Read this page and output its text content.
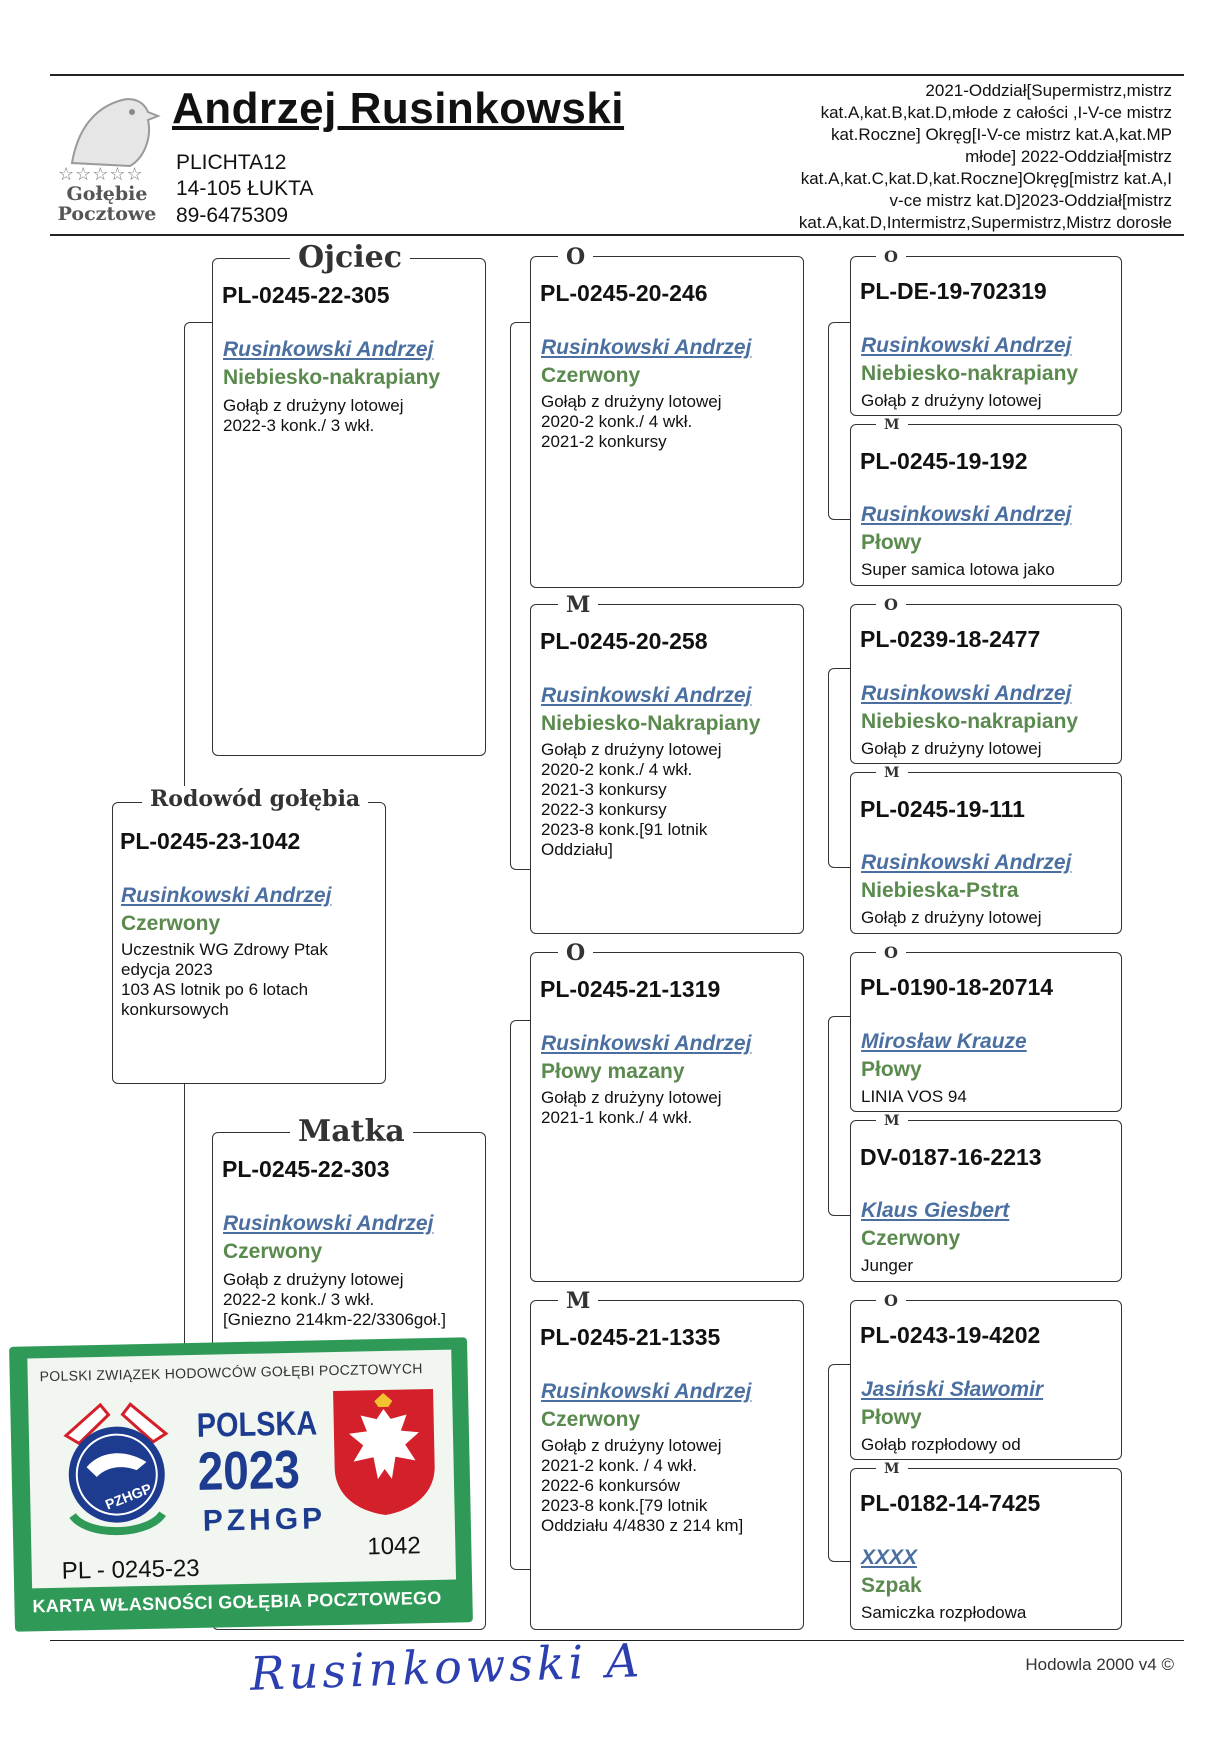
☆☆☆☆☆
Gołębie
Pocztowe
Andrzej Rusinkowski
PLICHTA12
14-105 ŁUKTA
89-6475309
2021-Oddział[Supermistrz,mistrz
kat.A,kat.B,kat.D,młode z całości ,I-V-ce mistrz
kat.Roczne] Okręg[I-V-ce mistrz kat.A,kat.MP
młode] 2022-Oddział[mistrz
kat.A,kat.C,kat.D,kat.Roczne]Okręg[mistrz kat.A,I
v-ce mistrz kat.D]2023-Oddział[mistrz
kat.A,kat.D,Intermistrz,Supermistrz,Mistrz dorosłe
Rodowód gołębia
PL-0245-23-1042
Rusinkowski Andrzej
Czerwony
Uczestnik WG Zdrowy Ptak
edycja 2023
103 AS lotnik po 6 lotach
konkursowych
Ojciec
PL-0245-22-305
Rusinkowski Andrzej
Niebiesko-nakrapiany
Gołąb z drużyny lotowej
2022-3 konk./ 3 wkł.
Matka
PL-0245-22-303
Rusinkowski Andrzej
Czerwony
Gołąb z drużyny lotowej
2022-2 konk./ 3 wkł.
[Gniezno 214km-22/3306goł.]
O
PL-0245-20-246
Rusinkowski Andrzej
Czerwony
Gołąb z drużyny lotowej
2020-2 konk./ 4 wkł.
2021-2 konkursy
M
PL-0245-20-258
Rusinkowski Andrzej
Niebiesko-Nakrapiany
Gołąb z drużyny lotowej
2020-2 konk./ 4 wkł.
2021-3 konkursy
2022-3 konkursy
2023-8 konk.[91 lotnik
Oddziału]
O
PL-0245-21-1319
Rusinkowski Andrzej
Płowy mazany
Gołąb z drużyny lotowej
2021-1 konk./ 4 wkł.
M
PL-0245-21-1335
Rusinkowski Andrzej
Czerwony
Gołąb z drużyny lotowej
2021-2 konk. / 4 wkł.
2022-6 konkursów
2023-8 konk.[79 lotnik
Oddziału 4/4830 z 214 km]
O
PL-DE-19-702319
Rusinkowski Andrzej
Niebiesko-nakrapiany
Gołąb z drużyny lotowej
M
PL-0245-19-192
Rusinkowski Andrzej
Płowy
Super samica lotowa jako
O
PL-0239-18-2477
Rusinkowski Andrzej
Niebiesko-nakrapiany
Gołąb z drużyny lotowej
M
PL-0245-19-111
Rusinkowski Andrzej
Niebieska-Pstra
Gołąb z drużyny lotowej
O
PL-0190-18-20714
Mirosław Krauze
Płowy
LINIA VOS 94
M
DV-0187-16-2213
Klaus Giesbert
Czerwony
Junger
O
PL-0243-19-4202
Jasiński Sławomir
Płowy
Gołąb rozpłodowy od
M
PL-0182-14-7425
XXXX
Szpak
Samiczka rozpłodowa
POLSKI ZWIĄZEK HODOWCÓW GOŁĘBI POCZTOWYCH
PZHGP
POLSKA
2023
PZHGP
1042
PL - 0245-23
KARTA WŁASNOŚCI GOŁĘBIA POCZTOWEGO
Hodowla 2000 v4 ©
Rusinkowski A
